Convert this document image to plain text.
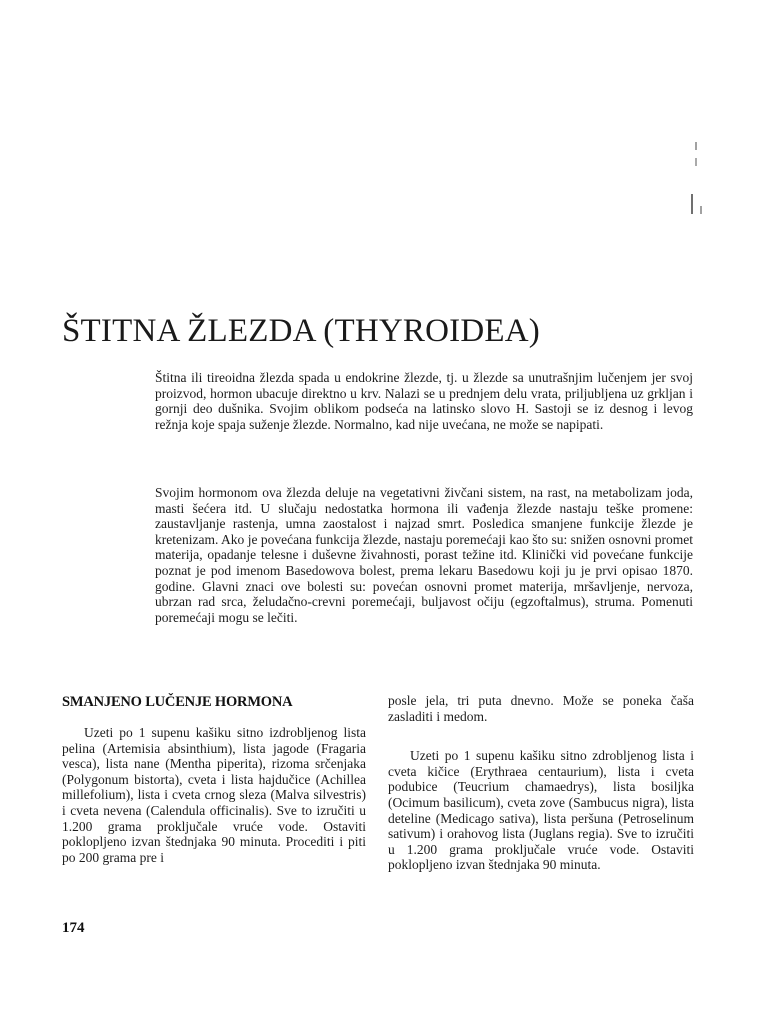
ŠTITNA ŽLEZDA (THYROIDEA)

Štitna ili tireoidna žlezda spada u endokrine žlezde, tj. u žlezde sa unutrašnjim lučenjem jer svoj proizvod, hormon ubacuje direktno u krv. Nalazi se u prednjem delu vrata, priljubljena uz grkljan i gornji deo dušnika. Svojim oblikom podseća na latinsko slovo H. Sastoji se iz desnog i levog režnja koje spaja suženje žlezde. Normalno, kad nije uvećana, ne može se napipati.

Svojim hormonom ova žlezda deluje na vegetativni živčani sistem, na rast, na metabolizam joda, masti šećera itd. U slučaju nedostatka hormona ili vađenja žlezde nastaju teške promene: zaustavljanje rastenja, umna zaostalost i najzad smrt. Posledica smanjene funkcije žlezde je kretenizam. Ako je povećana funkcija žlezde, nastaju poremećaji kao što su: snižen osnovni promet materija, opadanje telesne i duševne živahnosti, porast težine itd. Klinički vid povećane funkcije poznat je pod imenom Basedowova bolest, prema lekaru Basedowu koji ju je prvi opisao 1870. godine. Glavni znaci ove bolesti su: povećan osnovni promet materija, mršavljenje, nervoza, ubrzan rad srca, želudačno-crevni poremećaji, buljavost očiju (egzoftalmus), struma. Pomenuti poremećaji mogu se lečiti.

SMANJENO LUČENJE HORMONA

Uzeti po 1 supenu kašiku sitno izdrobljenog lista pelina (Artemisia absinthium), lista jagode (Fragaria vesca), lista nane (Mentha piperita), rizoma srčenjaka (Polygonum bistorta), cveta i lista hajdučice (Achillea millefolium), lista i cveta crnog sleza (Malva silvestris) i cveta nevena (Calendula officinalis). Sve to izručiti u 1.200 grama proključale vruće vode. Ostaviti poklopljeno izvan štednjaka 90 minuta. Procediti i piti po 200 grama pre i

posle jela, tri puta dnevno. Može se poneka čaša zasladiti i medom.

Uzeti po 1 supenu kašiku sitno zdrobljenog lista i cveta kičice (Erythraea centaurium), lista i cveta podubice (Teucrium chamaedrys), lista bosiljka (Ocimum basilicum), cveta zove (Sambucus nigra), lista deteline (Medicago sativa), lista peršuna (Petroselinum sativum) i orahovog lista (Juglans regia). Sve to izručiti u 1.200 grama proključale vruće vode. Ostaviti poklopljeno izvan štednjaka 90 minuta.

174
